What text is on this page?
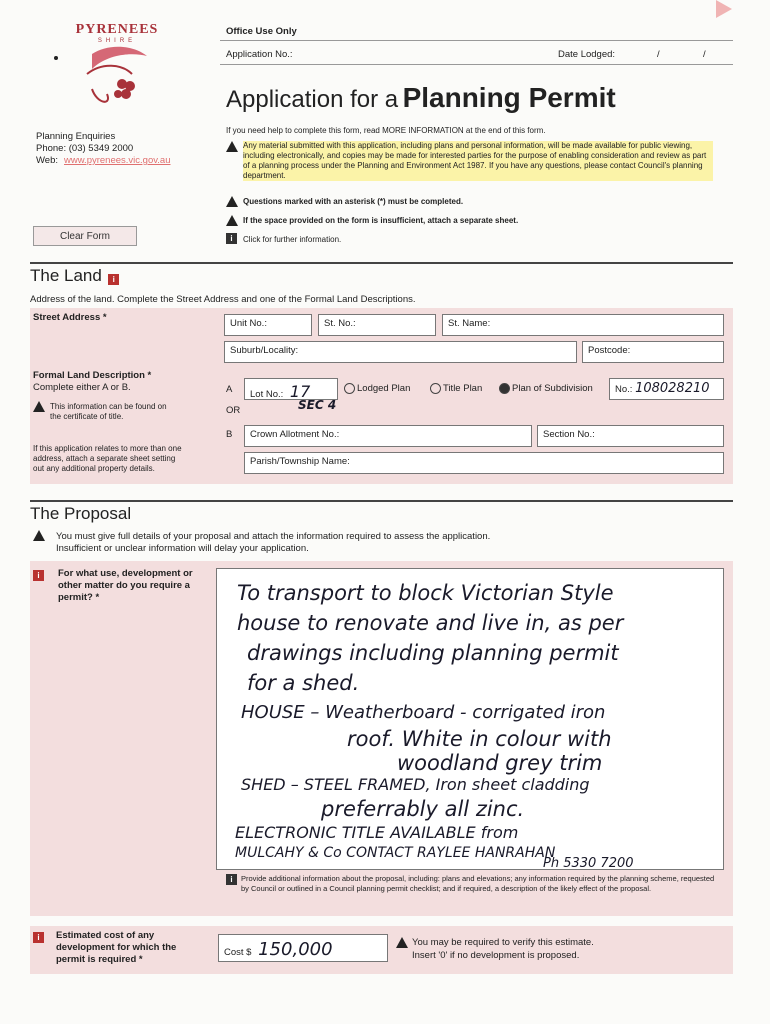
PYRENEES
SHIRE
Office Use Only
Application No.:	Date Lodged:	/	/
Application for a Planning Permit
Planning Enquiries
Phone: (03) 5349 2000
Web: www.pyrenees.vic.gov.au
If you need help to complete this form, read MORE INFORMATION at the end of this form.
Any material submitted with this application, including plans and personal information, will be made available for public viewing, including electronically, and copies may be made for interested parties for the purpose of enabling consideration and review as part of a planning process under the Planning and Environment Act 1987. If you have any questions, please contact Council's planning department.
Questions marked with an asterisk (*) must be completed.
If the space provided on the form is insufficient, attach a separate sheet.
i	Click for further information.
Clear Form
The Land i
Address of the land. Complete the Street Address and one of the Formal Land Descriptions.
Street Address *
Unit No.:	St. No.:	St. Name:
Suburb/Locality:	Postcode:
Formal Land Description *
Complete either A or B.
This information can be found on the certificate of title.
If this application relates to more than one address, attach a separate sheet setting out any additional property details.
A	Lot No.: 17	Lodged Plan	Title Plan	Plan of Subdivision	No.: 108028210
SEC 4
OR
B	Crown Allotment No.:	Section No.:
Parish/Township Name:
The Proposal
You must give full details of your proposal and attach the information required to assess the application.
Insufficient or unclear information will delay your application.
i	For what use, development or other matter do you require a permit? *	To transport to block Victorian Style
house to renovate and live in, as per
drawings including planning permit
for a shed.
HOUSE – Weatherboard - corrigated iron
roof. White in colour with
woodland grey trim
SHED – STEEL FRAMED, Iron sheet cladding
preferrably all zinc.
ELECTRONIC TITLE AVAILABLE from
MULCAHY & Co CONTACT RAYLEE HANRAHAN
Ph 5330 7200
i	Provide additional information about the proposal, including: plans and elevations; any information required by the planning scheme, requested by Council or outlined in a Council planning permit checklist; and if required, a description of the likely effect of the proposal.
i	Estimated cost of any development for which the permit is required *
Cost $ 150,000	You may be required to verify this estimate.
Insert '0' if no development is proposed.
